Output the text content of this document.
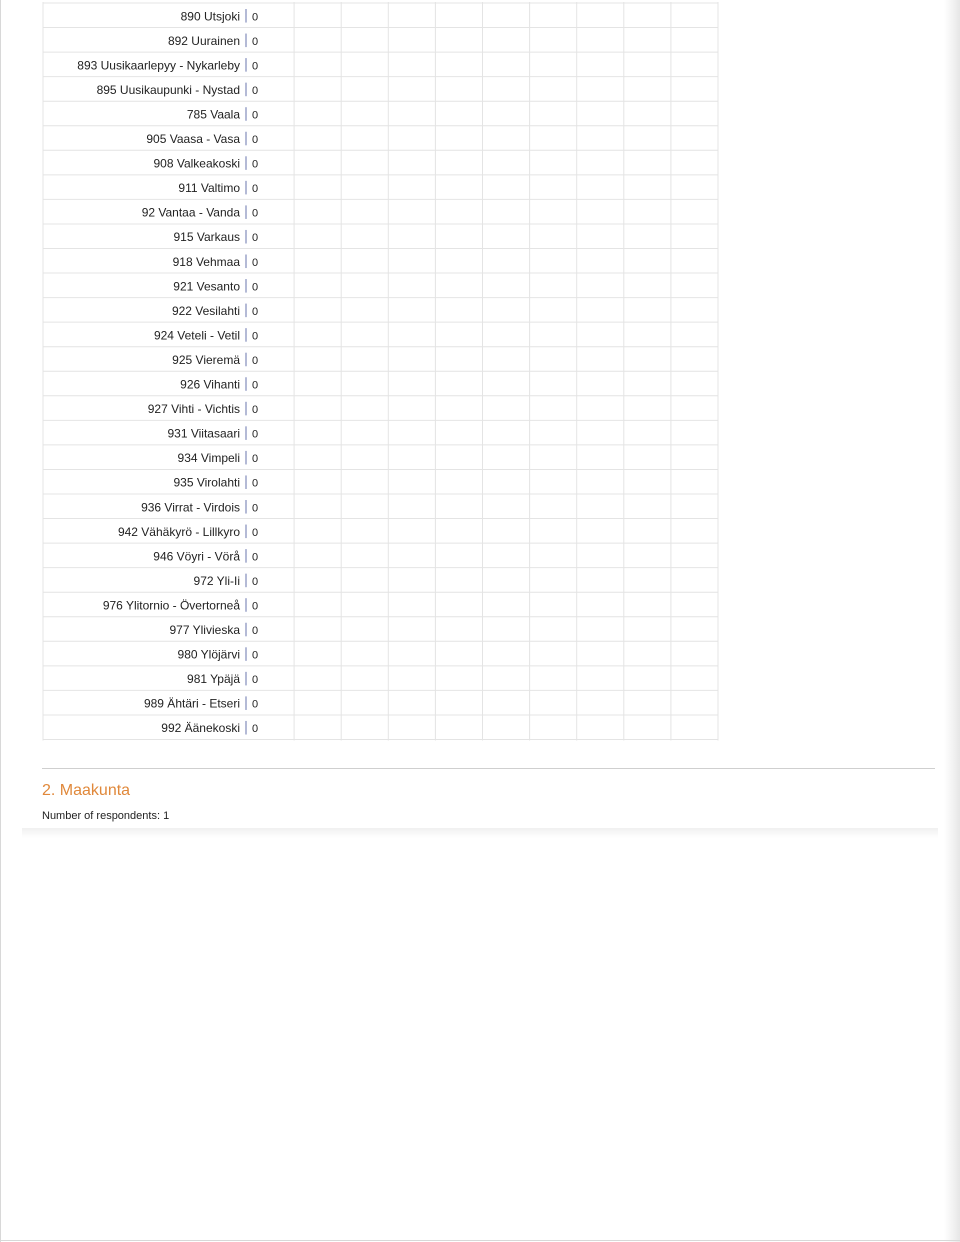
890 Utsjoki 0
892 Uurainen 0
893 Uusikaarlepyy - Nykarleby 0
895 Uusikaupunki - Nystad 0
785 Vaala 0
905 Vaasa - Vasa 0
908 Valkeakoski 0
911 Valtimo 0
92 Vantaa - Vanda 0
915 Varkaus 0
918 Vehmaa 0
921 Vesanto 0
922 Vesilahti 0
924 Veteli - Vetil 0
925 Vieremä 0
926 Vihanti 0
927 Vihti - Vichtis 0
931 Viitasaari 0
934 Vimpeli 0
935 Virolahti 0
936 Virrat - Virdois 0
942 Vähäkyrö - Lillkyro 0
946 Vöyri - Vörå 0
972 Yli-Ii 0
976 Ylitornio - Övertorneå 0
977 Ylivieska 0
980 Ylöjärvi 0
981 Ypäjä 0
989 Ähtäri - Etseri 0
992 Äänekoski 0
2. Maakunta
Number of respondents: 1
